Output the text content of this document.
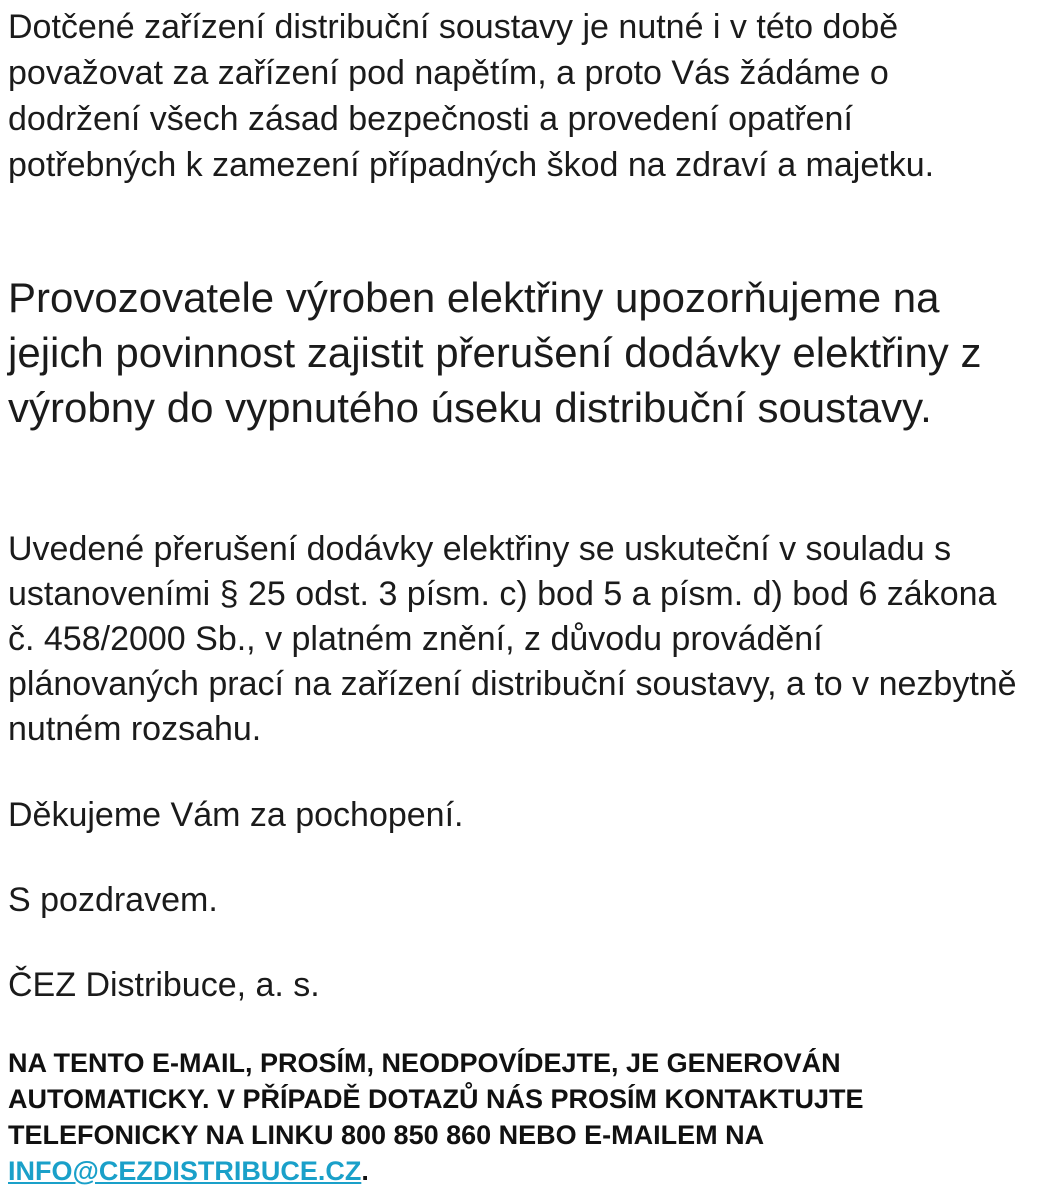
Dotčené zařízení distribuční soustavy je nutné i v této době považovat za zařízení pod napětím, a proto Vás žádáme o dodržení všech zásad bezpečnosti a provedení opatření potřebných k zamezení případných škod na zdraví a majetku.

Provozovatele výroben elektřiny upozorňujeme na jejich povinnost zajistit přerušení dodávky elektřiny z výrobny do vypnutého úseku distribuční soustavy.

Uvedené přerušení dodávky elektřiny se uskuteční v souladu s ustanoveními § 25 odst. 3 písm. c) bod 5 a písm. d) bod 6 zákona č. 458/2000 Sb., v platném znění, z důvodu provádění plánovaných prací na zařízení distribuční soustavy, a to v nezbytně nutném rozsahu.

Děkujeme Vám za pochopení.

S pozdravem.

ČEZ Distribuce, a. s.

NA TENTO E-MAIL, PROSÍM, NEODPOVÍDEJTE, JE GENEROVÁN AUTOMATICKY. V PŘÍPADĚ DOTAZŮ NÁS PROSÍM KONTAKTUJTE TELEFONICKY NA LINKU 800 850 860 NEBO E-MAILEM NA INFO@CEZDISTRIBUCE.CZ.
